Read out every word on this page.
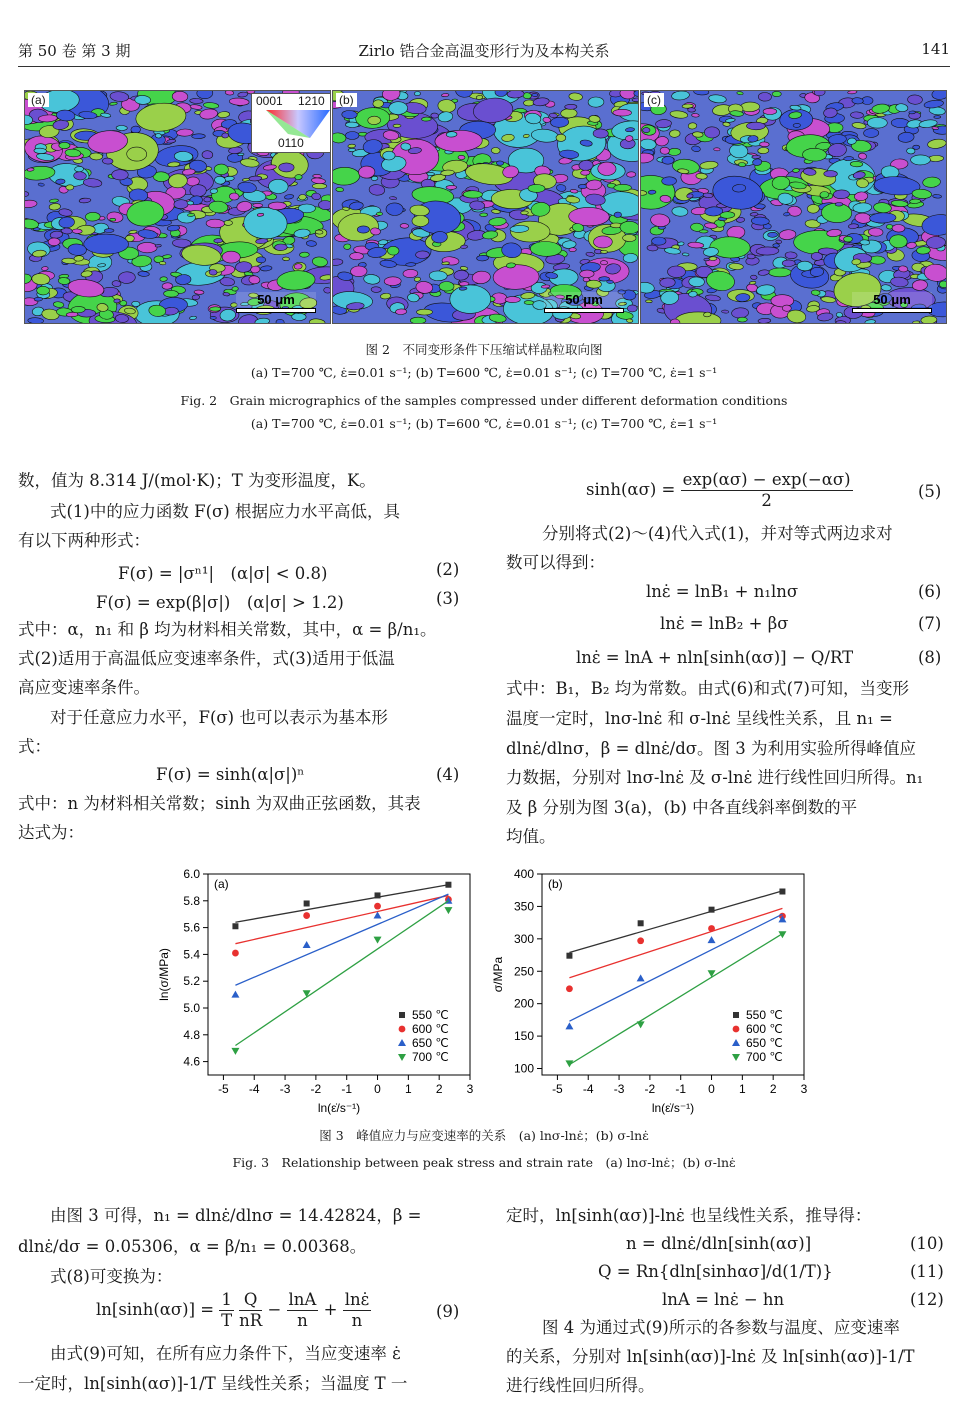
第 50 卷 第 3 期	Zirlo 锆合金高温变形行为及本构关系	141
(a)	0001 1210
0110
50 μm
(b)
50 μm
(c)
50 μm
图 2　不同变形条件下压缩试样晶粒取向图
(a) T=700 ℃, ε̇=0.01 s⁻¹; (b) T=600 ℃, ε̇=0.01 s⁻¹; (c) T=700 ℃, ε̇=1 s⁻¹
Fig. 2　Grain micrographics of the samples compressed under different deformation conditions
(a) T=700 ℃, ε̇=0.01 s⁻¹; (b) T=600 ℃, ε̇=0.01 s⁻¹; (c) T=700 ℃, ε̇=1 s⁻¹
数，值为 8.314 J/(mol·K)；T 为变形温度，K。
式(1)中的应力函数 F(σ) 根据应力水平高低，具
有以下两种形式：
F(σ) = |σⁿ¹|　(α|σ| < 0.8)	(2)
F(σ) = exp(β|σ|)　(α|σ| > 1.2)	(3)
式中：α，n₁ 和 β 均为材料相关常数，其中，α = β/n₁。
式(2)适用于高温低应变速率条件，式(3)适用于低温
高应变速率条件。
对于任意应力水平，F(σ) 也可以表示为基本形
式：
F(σ) = sinh(α|σ|)ⁿ	(4)
式中：n 为材料相关常数；sinh 为双曲正弦函数，其表
达式为：
$\sinh(\alpha\sigma) = \frac{\exp(\alpha\sigma) - \exp(-\alpha\sigma)}{2}$	(5)
分别将式(2)～(4)代入式(1)，并对等式两边求对
数可以得到：
lnε̇ = lnB₁ + n₁lnσ	(6)
lnε̇ = lnB₂ + βσ	(7)
lnε̇ = lnA + nln[sinh(ασ)] − Q/RT	(8)
式中：B₁，B₂ 均为常数。由式(6)和式(7)可知，当变形
温度一定时，lnσ-lnε̇ 和 σ-lnε̇ 呈线性关系，且 n₁ =
dlnε̇/dlnσ，β = dlnε̇/dσ。图 3 为利用实验所得峰值应
力数据，分别对 lnσ-lnε̇ 及 σ-lnε̇ 进行线性回归所得。n₁
及 β 分别为图 3(a)，(b) 中各直线斜率倒数的平
均值。
-5 -4 -3 -2 -1 0 1 2 3
4.6
4.8
5.0
5.2
5.4
5.6
5.8
6.0
ln(ε̇/s⁻¹)
ln(σ/MPa)
(a)
550 ℃
600 ℃
650 ℃
700 ℃
-5 -4 -3 -2 -1 0 1 2 3
100
150
200
250
300
350
400
ln(ε̇/s⁻¹)
σ/MPa
(b)
550 ℃
600 ℃
650 ℃
700 ℃
图 3　峰值应力与应变速率的关系　(a) lnσ-lnε̇；(b) σ-lnε̇
Fig. 3　Relationship between peak stress and strain rate　(a) lnσ-lnε̇；(b) σ-lnε̇
由图 3 可得，n₁ = dlnε̇/dlnσ = 14.42824，β =
dlnε̇/dσ = 0.05306，α = β/n₁ = 0.00368。
式(8)可变换为：
$\ln[\sinh(\alpha\sigma)] = \frac{1}{T}$
$\frac{Q}{nR} - \frac{\ln A}{n} + \frac{\ln\varepsiloṅ}{n}$	(9)
由式(9)可知，在所有应力条件下，当应变速率 ε̇
一定时，ln[sinh(ασ)]-1/T 呈线性关系；当温度 T 一
定时，ln[sinh(ασ)]-lnε̇ 也呈线性关系，推导得：
n = dlnε̇/dln[sinh(ασ)]	(10)
Q = Rn{dln[sinhασ]/d(1/T)}	(11)
lnA = lnε̇ − hn	(12)
图 4 为通过式(9)所示的各参数与温度、应变速率
的关系，分别对 ln[sinh(ασ)]-lnε̇ 及 ln[sinh(ασ)]-1/T
进行线性回归所得。
